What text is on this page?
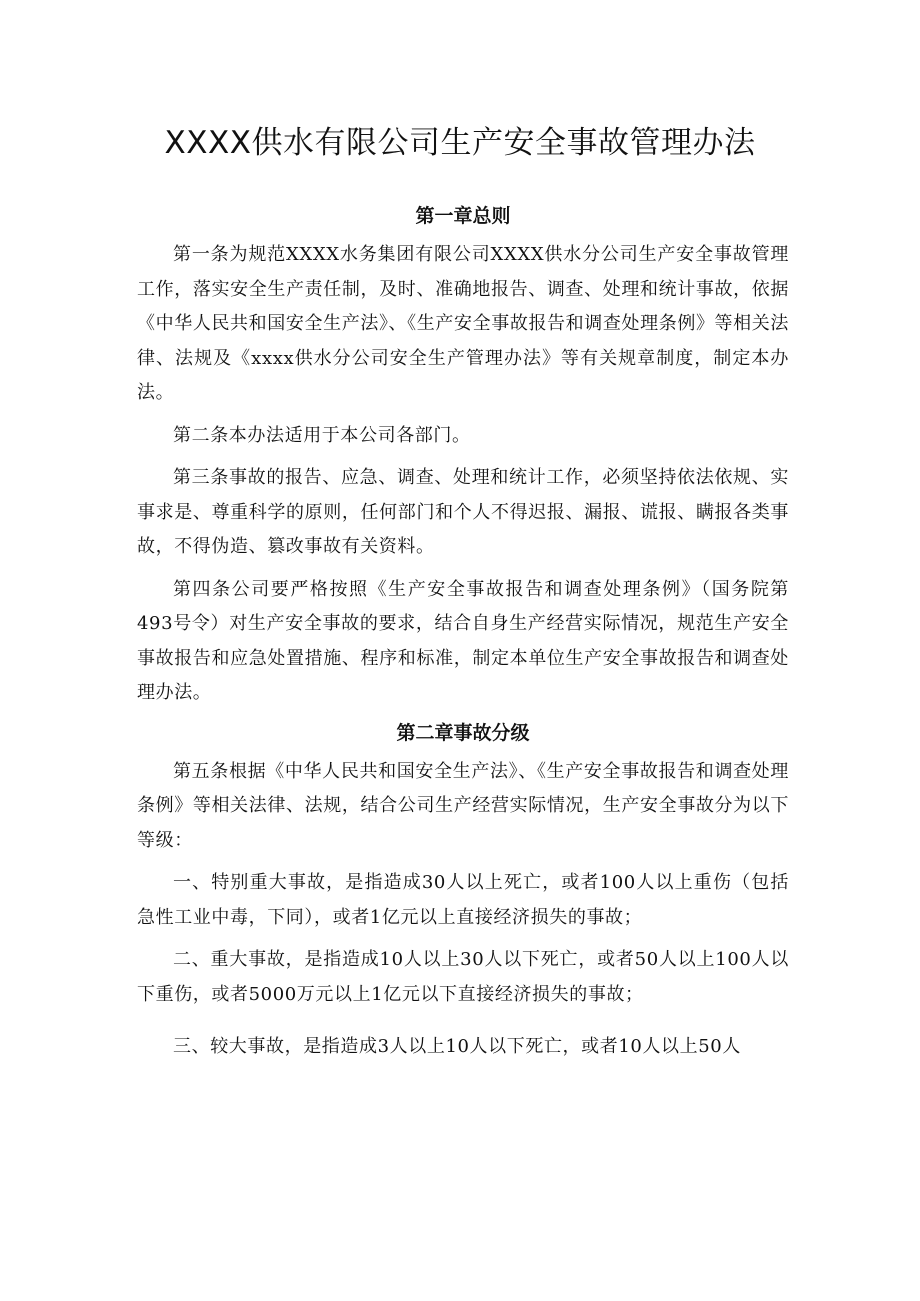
XXXX供水有限公司生产安全事故管理办法
第一章总则

第一条为规范XXXX水务集团有限公司XXXX供水分公司生产安全事故管理工作，落实安全生产责任制，及时、准确地报告、调查、处理和统计事故，依据《中华人民共和国安全生产法》、《生产安全事故报告和调查处理条例》等相关法律、法规及《xxxx供水分公司安全生产管理办法》等有关规章制度，制定本办法。

第二条本办法适用于本公司各部门。

第三条事故的报告、应急、调查、处理和统计工作，必须坚持依法依规、实事求是、尊重科学的原则，任何部门和个人不得迟报、漏报、谎报、瞒报各类事故，不得伪造、篡改事故有关资料。

第四条公司要严格按照《生产安全事故报告和调查处理条例》（国务院第493号令）对生产安全事故的要求，结合自身生产经营实际情况，规范生产安全事故报告和应急处置措施、程序和标准，制定本单位生产安全事故报告和调查处理办法。

第二章事故分级

第五条根据《中华人民共和国安全生产法》、《生产安全事故报告和调查处理条例》等相关法律、法规，结合公司生产经营实际情况，生产安全事故分为以下等级：

一、特别重大事故，是指造成30人以上死亡，或者100人以上重伤（包括急性工业中毒，下同），或者1亿元以上直接经济损失的事故；

二、重大事故，是指造成10人以上30人以下死亡，或者50人以上100人以下重伤，或者5000万元以上1亿元以下直接经济损失的事故；

三、较大事故，是指造成3人以上10人以下死亡，或者10人以上50人
